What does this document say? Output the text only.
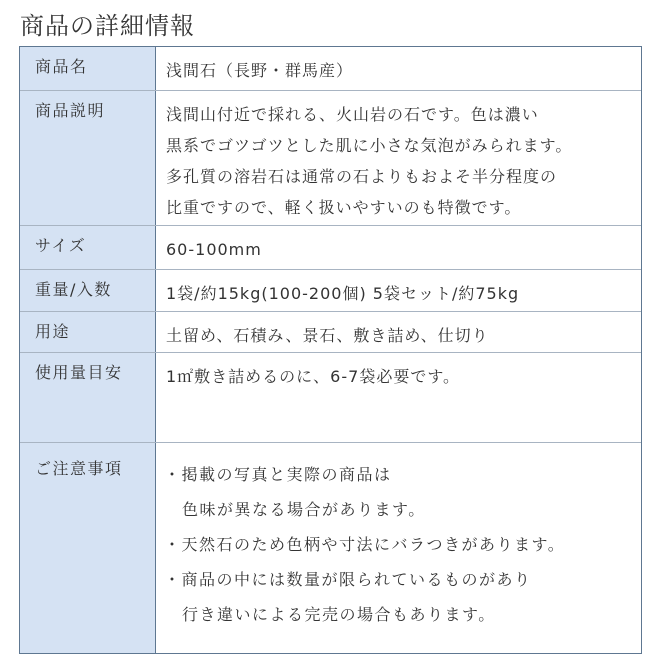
商品の詳細情報
商品名	浅間石（長野・群馬産）
商品説明	浅間山付近で採れる、火山岩の石です。色は濃い
黒系でゴツゴツとした肌に小さな気泡がみられます。
多孔質の溶岩石は通常の石よりもおよそ半分程度の
比重ですので、軽く扱いやすいのも特徴です。
サイズ	60-100mm
重量/入数	1袋/約15kg(100-200個) 5袋セット/約75kg
用途	土留め、石積み、景石、敷き詰め、仕切り
使用量目安	1㎡敷き詰めるのに、6-7袋必要です。
ご注意事項	・掲載の写真と実際の商品は
色味が異なる場合があります。
・天然石のため色柄や寸法にバラつきがあります。
・商品の中には数量が限られているものがあり
行き違いによる完売の場合もあります。
